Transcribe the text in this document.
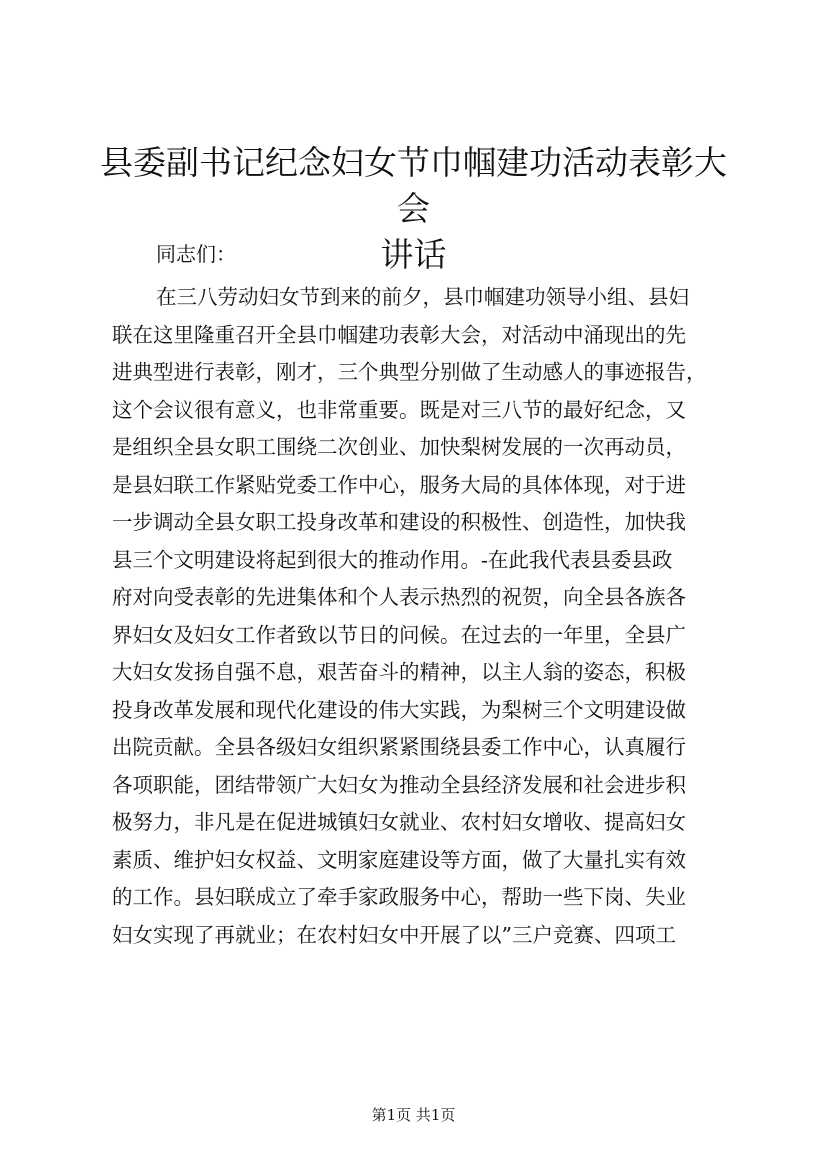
县委副书记纪念妇女节巾帼建功活动表彰大会
讲话
同志们：
在三八劳动妇女节到来的前夕，县巾帼建功领导小组、县妇
联在这里隆重召开全县巾帼建功表彰大会，对活动中涌现出的先
进典型进行表彰，刚才，三个典型分别做了生动感人的事迹报告，
这个会议很有意义，也非常重要。既是对三八节的最好纪念，又
是组织全县女职工围绕二次创业、加快梨树发展的一次再动员，
是县妇联工作紧贴党委工作中心，服务大局的具体体现，对于进
一步调动全县女职工投身改革和建设的积极性、创造性，加快我
县三个文明建设将起到很大的推动作用。-在此我代表县委县政
府对向受表彰的先进集体和个人表示热烈的祝贺，向全县各族各
界妇女及妇女工作者致以节日的问候。在过去的一年里，全县广
大妇女发扬自强不息，艰苦奋斗的精神，以主人翁的姿态，积极
投身改革发展和现代化建设的伟大实践，为梨树三个文明建设做
出院贡献。全县各级妇女组织紧紧围绕县委工作中心，认真履行
各项职能，团结带领广大妇女为推动全县经济发展和社会进步积
极努力，非凡是在促进城镇妇女就业、农村妇女增收、提高妇女
素质、维护妇女权益、文明家庭建设等方面，做了大量扎实有效
的工作。县妇联成立了牵手家政服务中心，帮助一些下岗、失业
妇女实现了再就业；在农村妇女中开展了以”三户竞赛、四项工
第1页 共1页
